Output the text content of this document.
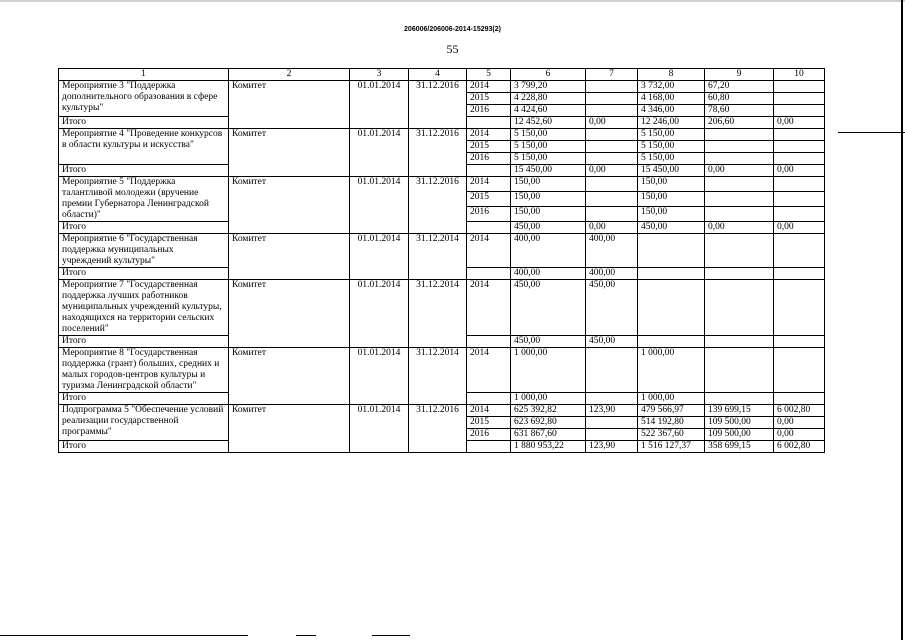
206006/206006-2014-15293(2)
55
1	2	3	4	5	6	7	8	9	10
Мероприятие 3 "Поддержка дополнительного образования в сфере культуры"	Комитет	01.01.2014	31.12.2016	2014	3 799,20		3 732,00	67,20	
				2015	4 228,80		4 168,00	60,80	
				2016	4 424,60		4 346,00	78,60	
Итого					12 452,60	0,00	12 246,00	206,60	0,00
Мероприятие 4 "Проведение конкурсов в области культуры и искусства"	Комитет	01.01.2014	31.12.2016	2014	5 150,00		5 150,00		
				2015	5 150,00		5 150,00		
				2016	5 150,00		5 150,00		
Итого					15 450,00	0,00	15 450,00	0,00	0,00
Мероприятие 5 "Поддержка талантливой молодежи (вручение премии Губернатора Ленинградской области)"	Комитет	01.01.2014	31.12.2016	2014	150,00		150,00		
				2015	150,00		150,00		
				2016	150,00		150,00		
Итого					450,00	0,00	450,00	0,00	0,00
Мероприятие 6 "Государственная поддержка муниципальных учреждений культуры"	Комитет	01.01.2014	31.12.2014	2014	400,00	400,00			
Итого					400,00	400,00			
Мероприятие 7 "Государственная поддержка лучших работников муниципальных учреждений культуры, находящихся на территории сельских поселений"	Комитет	01.01.2014	31.12.2014	2014	450,00	450,00			
Итого					450,00	450,00			
Мероприятие 8 "Государственная поддержка (грант) больших, средних и малых городов-центров культуры и туризма Ленинградской области"	Комитет	01.01.2014	31.12.2014	2014	1 000,00		1 000,00		
Итого					1 000,00		1 000,00		
Подпрограмма 5 "Обеспечение условий реализации государственной программы"	Комитет	01.01.2014	31.12.2016	2014	625 392,82	123,90	479 566,97	139 699,15	6 002,80
				2015	623 692,80		514 192,80	109 500,00	0,00
				2016	631 867,60		522 367,60	109 500,00	0,00
Итого					1 880 953,22	123,90	1 516 127,37	358 699,15	6 002,80
